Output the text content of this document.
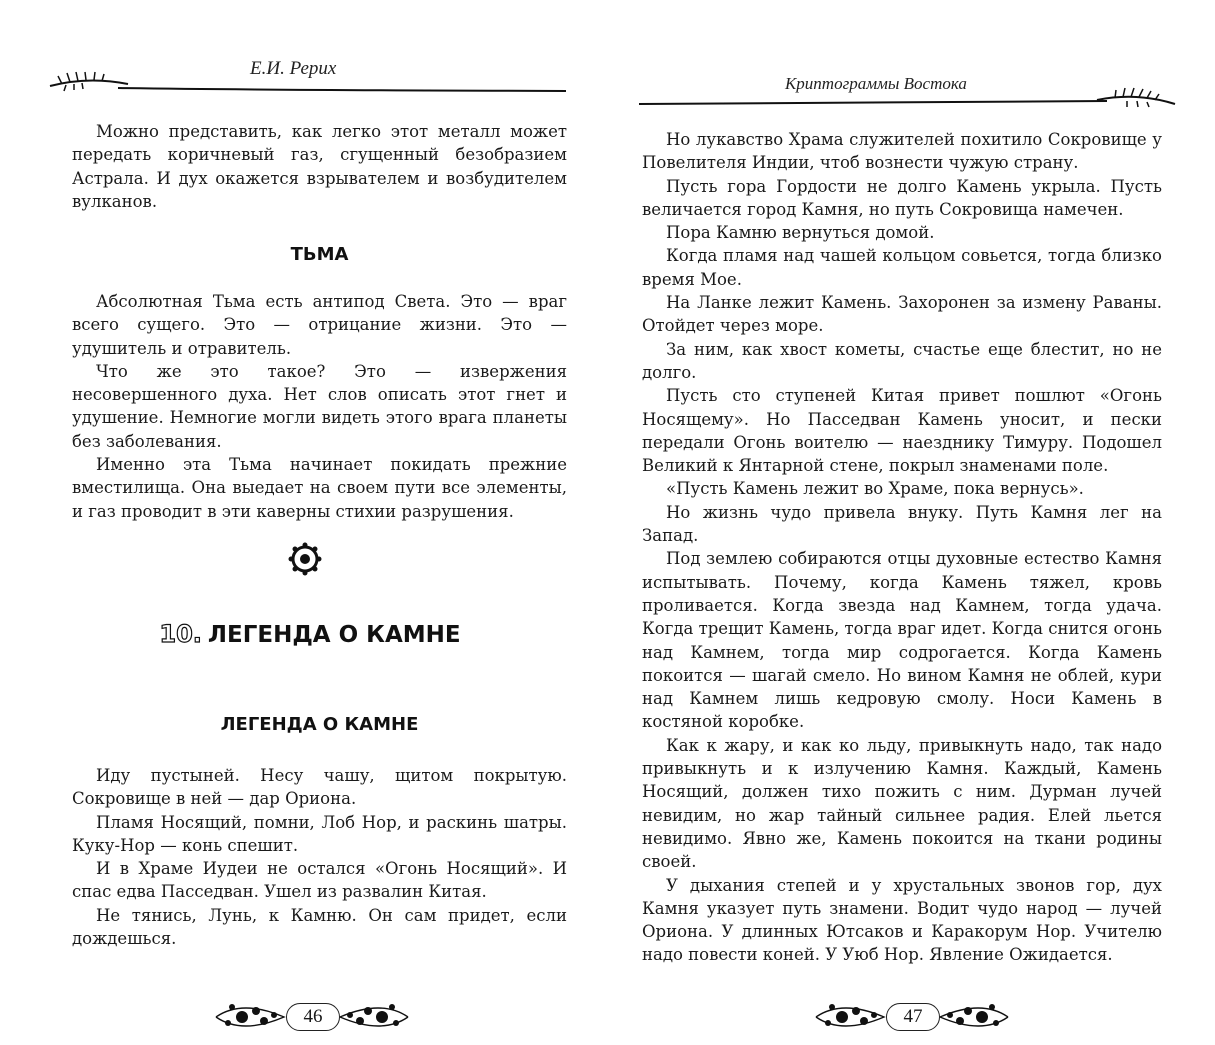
Е.И. Рерих

Можно представить, как легко этот металл может передать коричневый газ, сгущенный безобразием Астрала. И дух окажется взрывателем и возбудителем вулканов.

ТЬМА

Абсолютная Тьма есть антипод Света. Это — враг всего сущего. Это — отрицание жизни. Это — удушитель и отравитель.

Что же это такое? Это — извержения несовершенного духа. Нет слов описать этот гнет и удушение. Немногие могли видеть этого врага планеты без заболевания.

Именно эта Тьма начинает покидать прежние вместилища. Она выедает на своем пути все элементы, и газ проводит в эти каверны стихии разрушения.

10. ЛЕГЕНДА О КАМНЕ
ЛЕГЕНДА О КАМНЕ

Иду пустыней. Несу чашу, щитом покрытую. Сокровище в ней — дар Ориона.

Пламя Носящий, помни, Лоб Нор, и раскинь шатры. Куку-Нор — конь спешит.

И в Храме Иудеи не остался «Огонь Носящий». И спас едва Пасседван. Ушел из развалин Китая.

Не тянись, Лунь, к Камню. Он сам придет, если дождешься.

46
Криптограммы Востока

Но лукавство Храма служителей похитило Сокровище у Повелителя Индии, чтоб вознести чужую страну.

Пусть гора Гордости не долго Камень укрыла. Пусть величается город Камня, но путь Сокровища намечен.

Пора Камню вернуться домой.

Когда пламя над чашей кольцом совьется, тогда близко время Мое.

На Ланке лежит Камень. Захоронен за измену Раваны. Отойдет через море.

За ним, как хвост кометы, счастье еще блестит, но не долго.

Пусть сто ступеней Китая привет пошлют «Огонь Носящему». Но Пасседван Камень уносит, и пески передали Огонь воителю — наезднику Тимуру. Подошел Великий к Янтарной стене, покрыл знаменами поле.

«Пусть Камень лежит во Храме, пока вернусь».

Но жизнь чудо привела внуку. Путь Камня лег на Запад.

Под землею собираются отцы духовные естество Камня испытывать. Почему, когда Камень тяжел, кровь проливается. Когда звезда над Камнем, тогда удача. Когда трещит Камень, тогда враг идет. Когда снится огонь над Камнем, тогда мир содрогается. Когда Камень покоится — шагай смело. Но вином Камня не облей, кури над Камнем лишь кедровую смолу. Носи Камень в костяной коробке.

Как к жару, и как ко льду, привыкнуть надо, так надо привыкнуть и к излучению Камня. Каждый, Камень Носящий, должен тихо пожить с ним. Дурман лучей невидим, но жар тайный сильнее радия. Елей льется невидимо. Явно же, Камень покоится на ткани родины своей.

У дыхания степей и у хрустальных звонов гор, дух Камня указует путь знамени. Водит чудо народ — лучей Ориона. У длинных Ютсаков и Каракорум Нор. Учителю надо повести коней. У Уюб Нор. Явление Ожидается.

47
